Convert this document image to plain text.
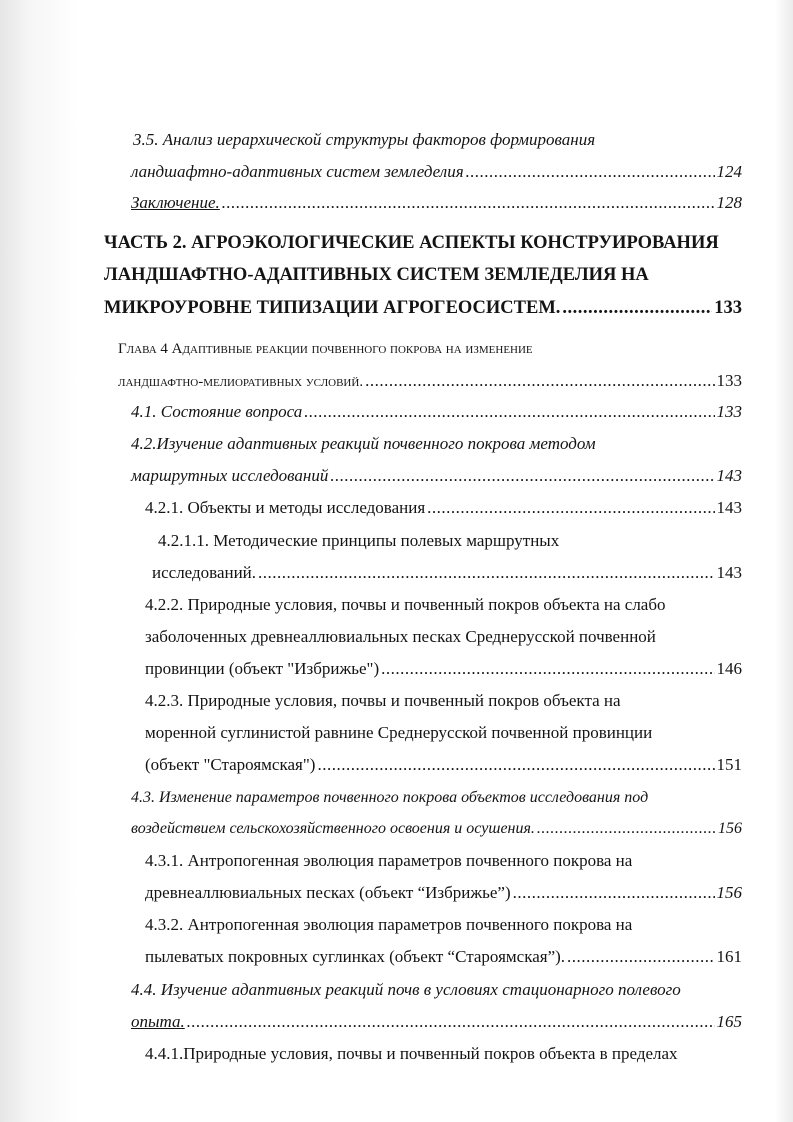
3.5. Анализ иерархической структуры факторов формирования
ландшафтно-адаптивных систем земледелия .....	124
Заключение. .....	128
ЧАСТЬ 2. АГРОЭКОЛОГИЧЕСКИЕ АСПЕКТЫ КОНСТРУИРОВАНИЯ
ЛАНДШАФТНО-АДАПТИВНЫХ СИСТЕМ ЗЕМЛЕДЕЛИЯ НА
МИКРОУРОВНЕ ТИПИЗАЦИИ АГРОГЕОСИСТЕМ. .....	133
Глава 4 Адаптивные реакции почвенного покрова на изменение
ландшафтно-мелиоративных условий. .....	133
4.1. Состояние вопроса .....	133
4.2.Изучение адаптивных реакций почвенного покрова методом
маршрутных исследований .....	143
4.2.1. Объекты и методы исследования .....	143
4.2.1.1. Методические принципы полевых маршрутных
исследований. .....	143
4.2.2. Природные условия, почвы и почвенный покров объекта на слабо
заболоченных древнеаллювиальных песках Среднерусской почвенной
провинции (объект "Избрижье") .....	146
4.2.3. Природные условия, почвы и почвенный покров объекта на
моренной суглинистой равнине Среднерусской почвенной провинции
(объект "Староямская") .....	151
4.3. Изменение параметров почвенного покрова объектов исследования под
воздействием сельскохозяйственного освоения и осушения. .....	156
4.3.1. Антропогенная эволюция параметров почвенного покрова на
древнеаллювиальных песках (объект “Избрижье”) .....	156
4.3.2. Антропогенная эволюция параметров почвенного покрова на
пылеватых покровных суглинках (объект “Староямская”). .....	161
4.4. Изучение адаптивных реакций почв в условиях стационарного полевого
опыта. .....	165
4.4.1.Природные условия, почвы и почвенный покров объекта в пределах
